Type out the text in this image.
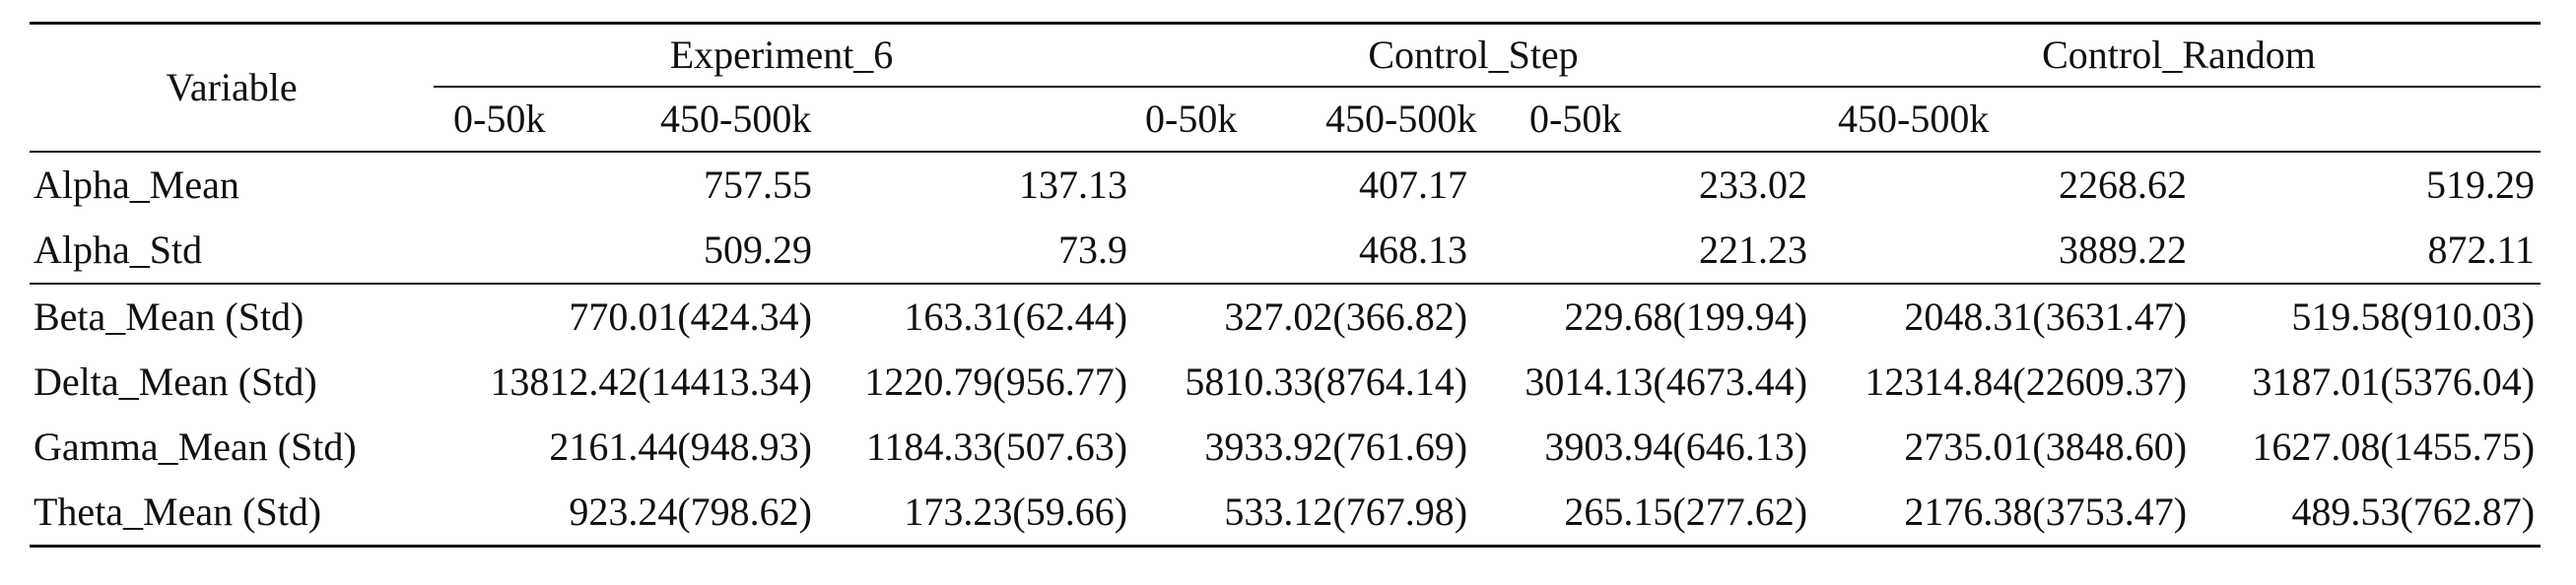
Variable	Experiment_6	Control_Step	Control_Random
0-50k	450-500k	0-50k	450-500k	0-50k	450-500k
Alpha_Mean	757.55	137.13	407.17	233.02	2268.62	519.29
Alpha_Std	509.29	73.9	468.13	221.23	3889.22	872.11
Beta_Mean (Std)	770.01(424.34)	163.31(62.44)	327.02(366.82)	229.68(199.94)	2048.31(3631.47)	519.58(910.03)
Delta_Mean (Std)	13812.42(14413.34)	1220.79(956.77)	5810.33(8764.14)	3014.13(4673.44)	12314.84(22609.37)	3187.01(5376.04)
Gamma_Mean (Std)	2161.44(948.93)	1184.33(507.63)	3933.92(761.69)	3903.94(646.13)	2735.01(3848.60)	1627.08(1455.75)
Theta_Mean (Std)	923.24(798.62)	173.23(59.66)	533.12(767.98)	265.15(277.62)	2176.38(3753.47)	489.53(762.87)
